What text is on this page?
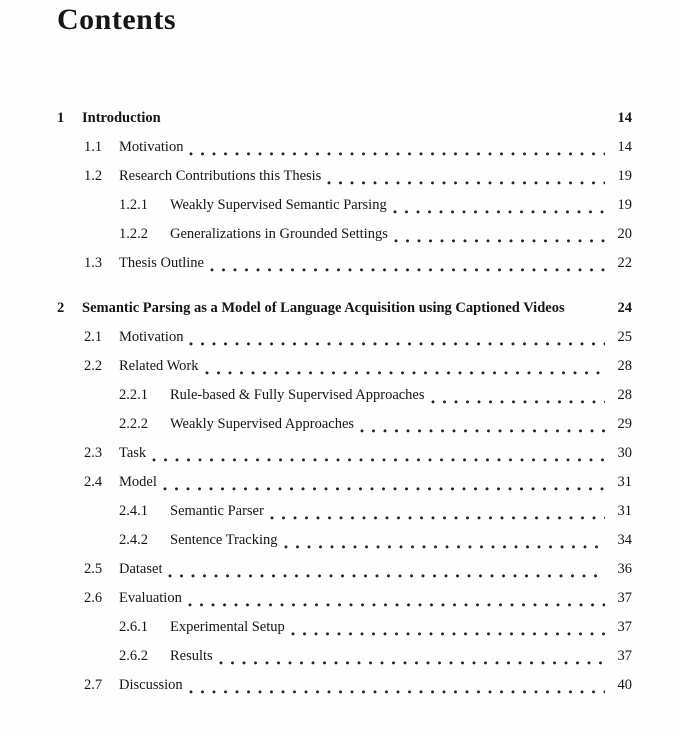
Contents
1	Introduction	14
1.1	Motivation	14
1.2	Research Contributions this Thesis	19
1.2.1	Weakly Supervised Semantic Parsing	19
1.2.2	Generalizations in Grounded Settings	20
1.3	Thesis Outline	22
2	Semantic Parsing as a Model of Language Acquisition using Captioned Videos	24
2.1	Motivation	25
2.2	Related Work	28
2.2.1	Rule-based & Fully Supervised Approaches	28
2.2.2	Weakly Supervised Approaches	29
2.3	Task	30
2.4	Model	31
2.4.1	Semantic Parser	31
2.4.2	Sentence Tracking	34
2.5	Dataset	36
2.6	Evaluation	37
2.6.1	Experimental Setup	37
2.6.2	Results	37
2.7	Discussion	40
